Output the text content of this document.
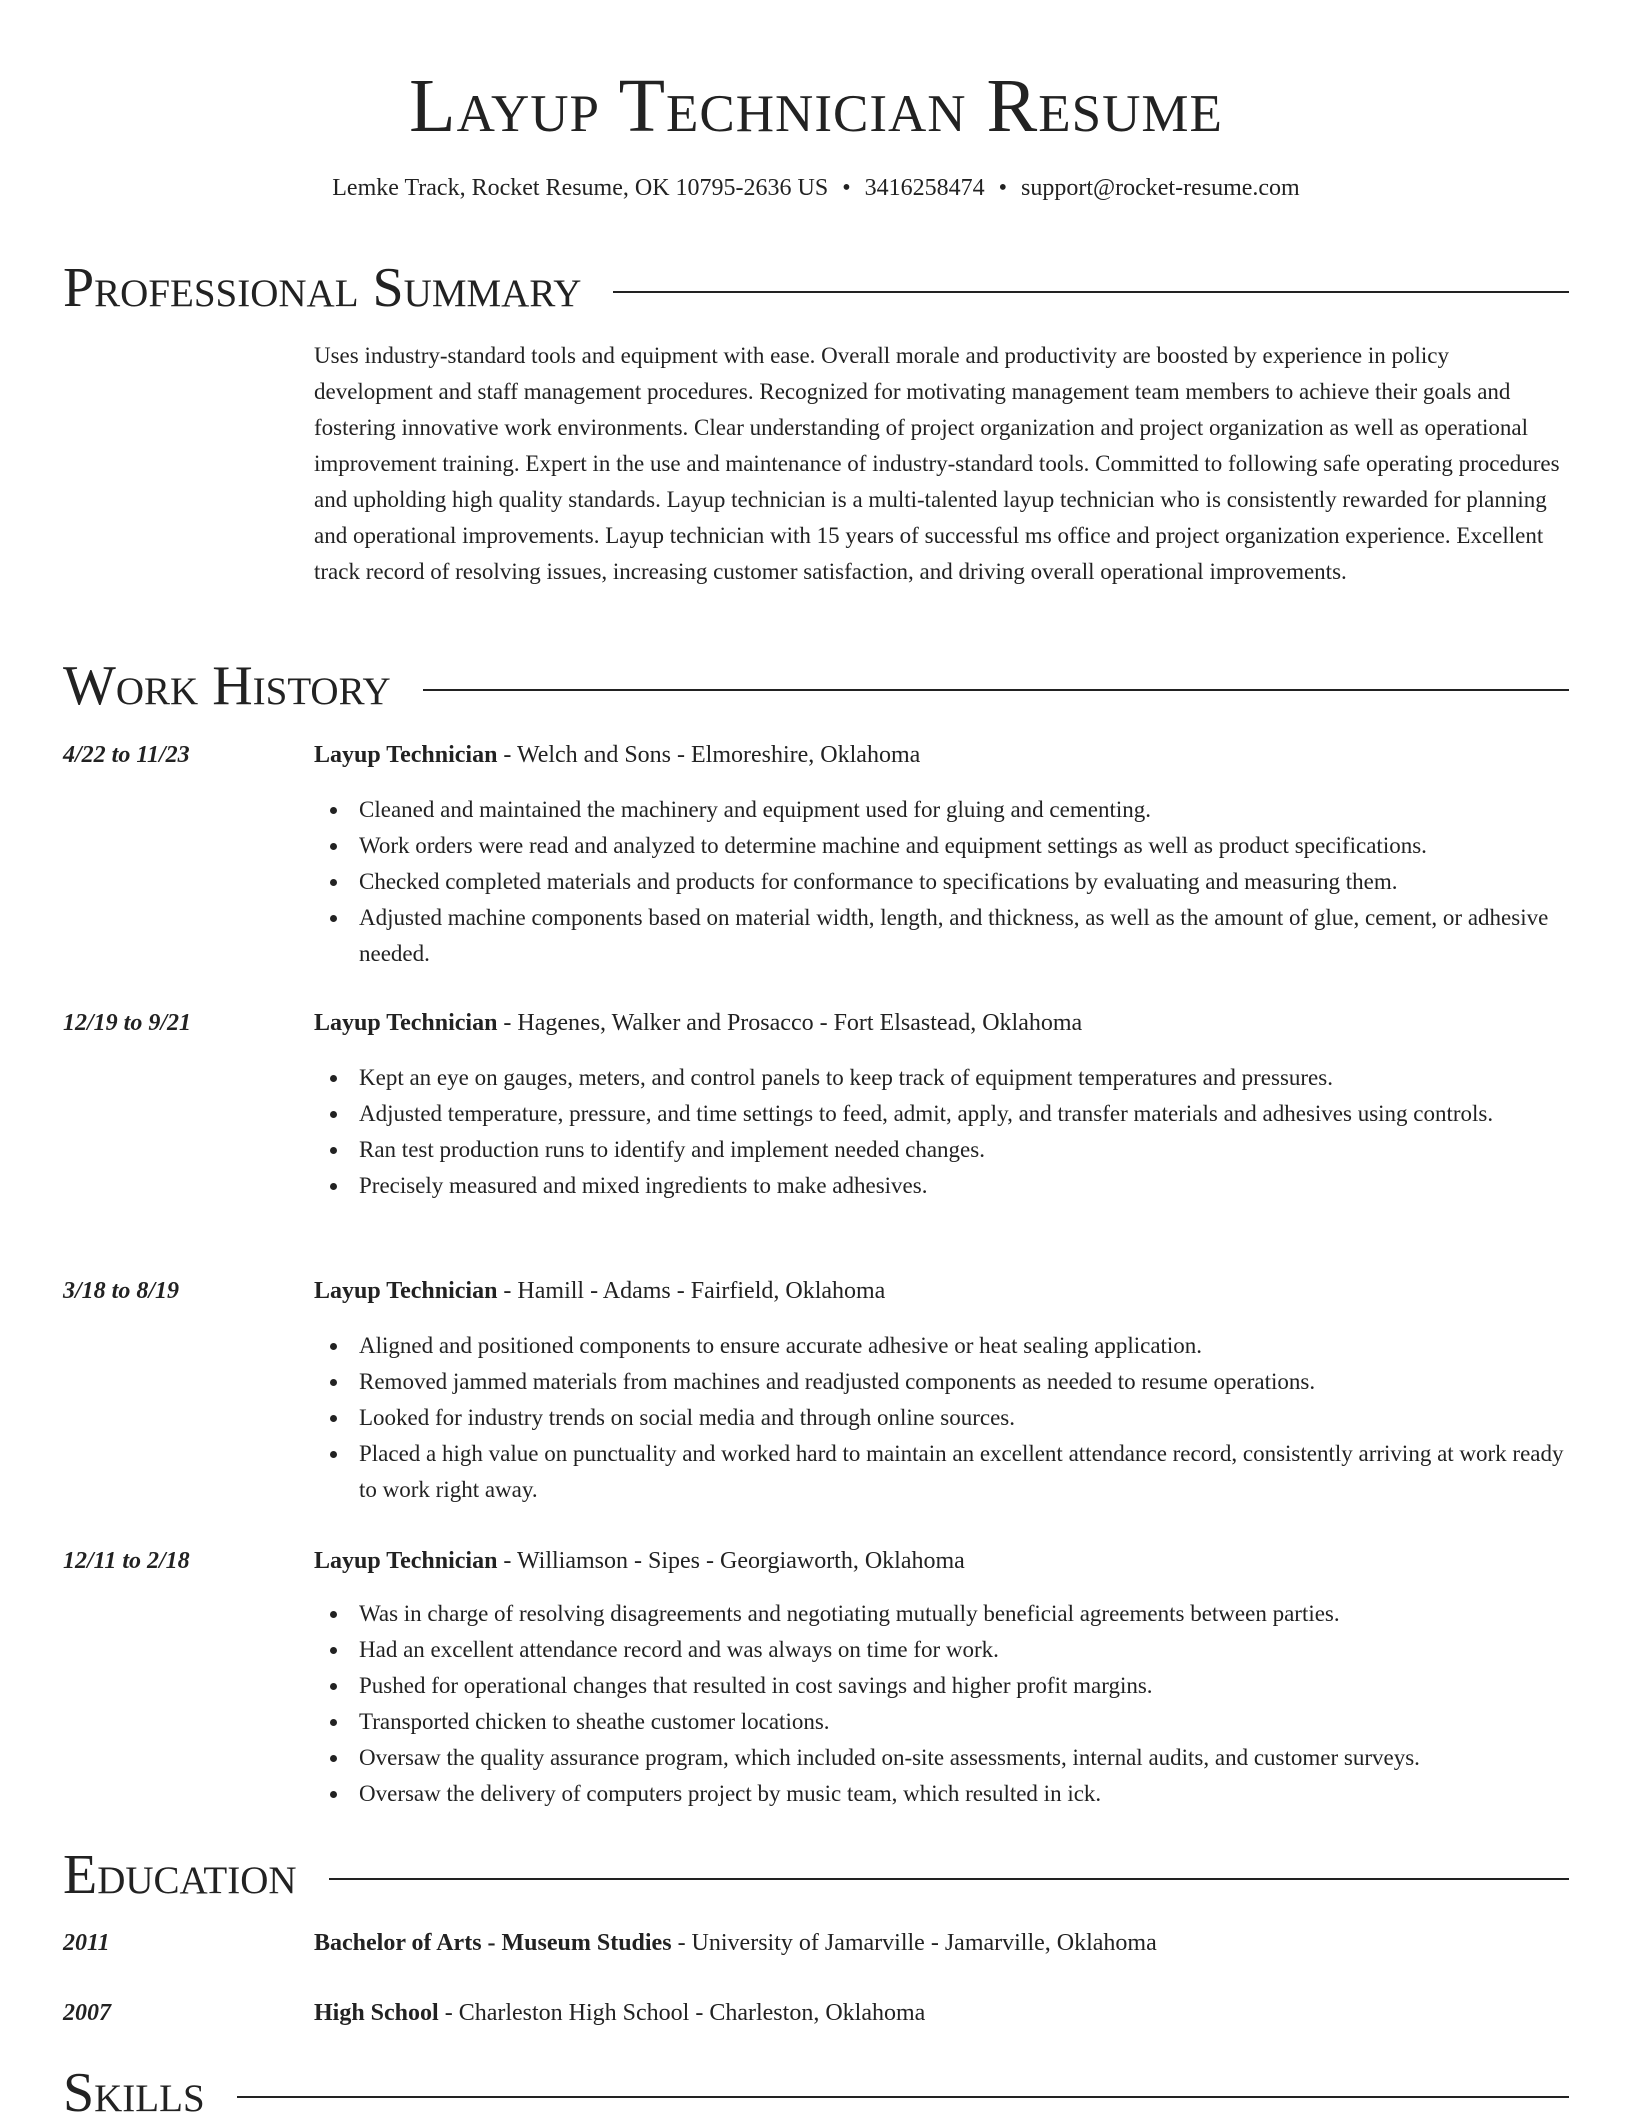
Layup Technician Resume
Lemke Track, Rocket Resume, OK 10795-2636 US • 3416258474 • support@rocket-resume.com
Professional Summary

Uses industry-standard tools and equipment with ease. Overall morale and productivity are boosted by experience in policy development and staff management procedures. Recognized for motivating management team members to achieve their goals and fostering innovative work environments. Clear understanding of project organization and project organization as well as operational improvement training. Expert in the use and maintenance of industry-standard tools. Committed to following safe operating procedures and upholding high quality standards. Layup technician is a multi-talented layup technician who is consistently rewarded for planning and operational improvements. Layup technician with 15 years of successful ms office and project organization experience. Excellent track record of resolving issues, increasing customer satisfaction, and driving overall operational improvements.

Work History
4/22 to 11/23	Layup Technician - Welch and Sons - Elmoreshire, Oklahoma
Cleaned and maintained the machinery and equipment used for gluing and cementing.
Work orders were read and analyzed to determine machine and equipment settings as well as product specifications.
Checked completed materials and products for conformance to specifications by evaluating and measuring them.
Adjusted machine components based on material width, length, and thickness, as well as the amount of glue, cement, or adhesive needed.
12/19 to 9/21	Layup Technician - Hagenes, Walker and Prosacco - Fort Elsastead, Oklahoma
Kept an eye on gauges, meters, and control panels to keep track of equipment temperatures and pressures.
Adjusted temperature, pressure, and time settings to feed, admit, apply, and transfer materials and adhesives using controls.
Ran test production runs to identify and implement needed changes.
Precisely measured and mixed ingredients to make adhesives.
3/18 to 8/19	Layup Technician - Hamill - Adams - Fairfield, Oklahoma
Aligned and positioned components to ensure accurate adhesive or heat sealing application.
Removed jammed materials from machines and readjusted components as needed to resume operations.
Looked for industry trends on social media and through online sources.
Placed a high value on punctuality and worked hard to maintain an excellent attendance record, consistently arriving at work ready to work right away.
12/11 to 2/18	Layup Technician - Williamson - Sipes - Georgiaworth, Oklahoma
Was in charge of resolving disagreements and negotiating mutually beneficial agreements between parties.
Had an excellent attendance record and was always on time for work.
Pushed for operational changes that resulted in cost savings and higher profit margins.
Transported chicken to sheathe customer locations.
Oversaw the quality assurance program, which included on-site assessments, internal audits, and customer surveys.
Oversaw the delivery of computers project by music team, which resulted in ick.
Education
2011	Bachelor of Arts - Museum Studies - University of Jamarville - Jamarville, Oklahoma
2007	High School - Charleston High School - Charleston, Oklahoma
Skills
